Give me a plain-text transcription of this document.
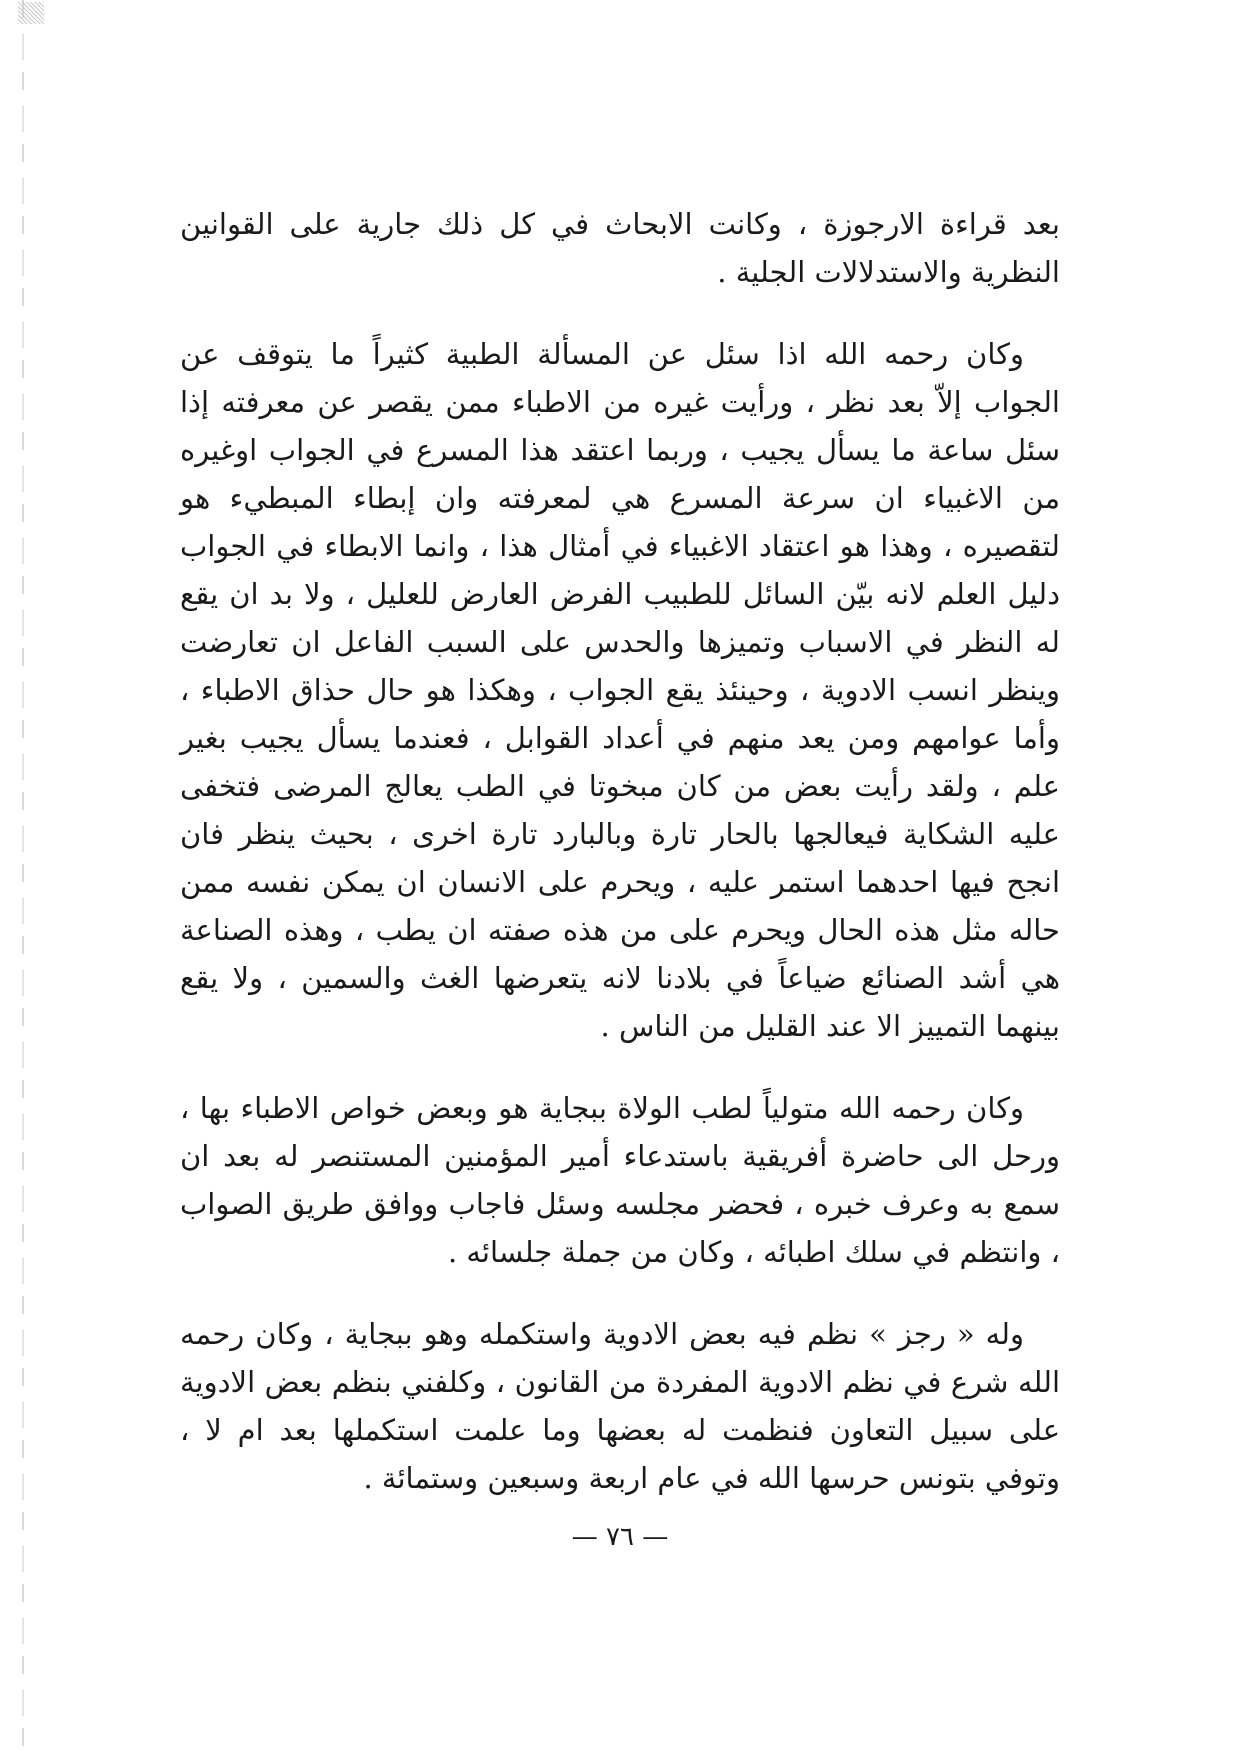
بعد قراءة الارجوزة ، وكانت الابحاث في كل ذلك جارية على القوانين النظرية والاستدلالات الجلية .

وكان رحمه الله اذا سئل عن المسألة الطبية كثيراً ما يتوقف عن الجواب إلاّ بعد نظر ، ورأيت غيره من الاطباء ممن يقصر عن معرفته إذا سئل ساعة ما يسأل يجيب ، وربما اعتقد هذا المسرع في الجواب اوغيره من الاغبياء ان سرعة المسرع هي لمعرفته وان إبطاء المبطيء هو لتقصيره ، وهذا هو اعتقاد الاغبياء في أمثال هذا ، وانما الابطاء في الجواب دليل العلم لانه بيّن السائل للطبيب الفرض العارض للعليل ، ولا بد ان يقع له النظر في الاسباب وتميزها والحدس على السبب الفاعل ان تعارضت وينظر انسب الادوية ، وحينئذ يقع الجواب ، وهكذا هو حال حذاق الاطباء ، وأما عوامهم ومن يعد منهم في أعداد القوابل ، فعندما يسأل يجيب بغير علم ، ولقد رأيت بعض من كان مبخوتا في الطب يعالج المرضى فتخفى عليه الشكاية فيعالجها بالحار تارة وبالبارد تارة اخرى ، بحيث ينظر فان انجح فيها احدهما استمر عليه ، ويحرم على الانسان ان يمكن نفسه ممن حاله مثل هذه الحال ويحرم على من هذه صفته ان يطب ، وهذه الصناعة هي أشد الصنائع ضياعاً في بلادنا لانه يتعرضها الغث والسمين ، ولا يقع بينهما التمييز الا عند القليل من الناس .

وكان رحمه الله متولياً لطب الولاة ببجاية هو وبعض خواص الاطباء بها ، ورحل الى حاضرة أفريقية باستدعاء أمير المؤمنين المستنصر له بعد ان سمع به وعرف خبره ، فحضر مجلسه وسئل فاجاب ووافق طريق الصواب ، وانتظم في سلك اطبائه ، وكان من جملة جلسائه .

وله « رجز » نظم فيه بعض الادوية واستكمله وهو ببجاية ، وكان رحمه الله شرع في نظم الادوية المفردة من القانون ، وكلفني بنظم بعض الادوية على سبيل التعاون فنظمت له بعضها وما علمت استكملها بعد ام لا ، وتوفي بتونس حرسها الله في عام اربعة وسبعين وستمائة .

— ٧٦ —
